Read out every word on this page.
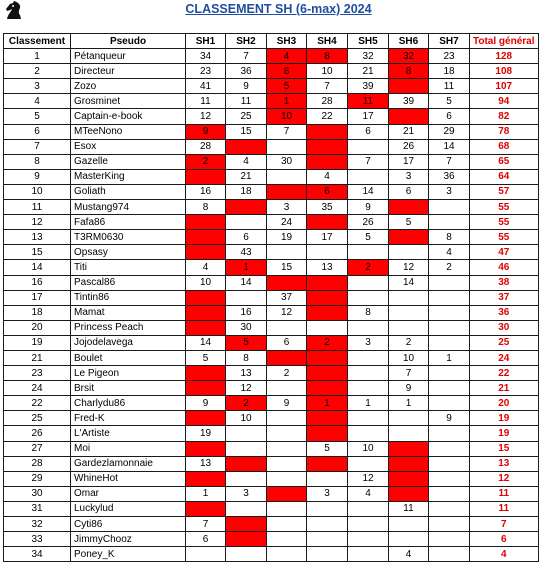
CLASSEMENT SH (6-max) 2024
Classement	Pseudo	SH1	SH2	SH3	SH4	SH5	SH6	SH7	Total général
1	Pétanqueur	34	7	4	8	32	32	23	128
2	Directeur	23	36	8	10	21	8	18	108
3	Zozo	41	9	5	7	39		11	107
4	Grosminet	11	11	1	28	11	39	5	94
5	Captain-e-book	12	25	10	22	17		6	82
6	MTeeNono	9	15	7		6	21	29	78
7	Esox	28					26	14	68
8	Gazelle	2	4	30		7	17	7	65
9	MasterKing		21		4		3	36	64
10	Goliath	16	18		6	14	6	3	57
11	Mustang974	8		3	35	9			55
12	Fafa86			24		26	5		55
13	T3RM0630		6	19	17	5		8	55
15	Opsasy		43					4	47
14	Titi	4	1	15	13	2	12	2	46
16	Pascal86	10	14				14		38
17	Tintin86			37					37
18	Mamat		16	12		8			36
20	Princess Peach		30						30
19	Jojodelavega	14	5	6	2	3	2		25
21	Boulet	5	8				10	1	24
23	Le Pigeon		13	2			7		22
24	Brsit		12				9		21
22	Charlydu86	9	2	9	1	1	1		20
25	Fred-K		10					9	19
26	L'Artiste	19							19
27	Moi				5	10			15
28	Gardezlamonnaie	13							13
29	WhineHot					12			12
30	Omar	1	3		3	4			11
31	Luckylud						11		11
32	Cyti86	7							7
33	JimmyChooz	6							6
34	Poney_K						4		4
